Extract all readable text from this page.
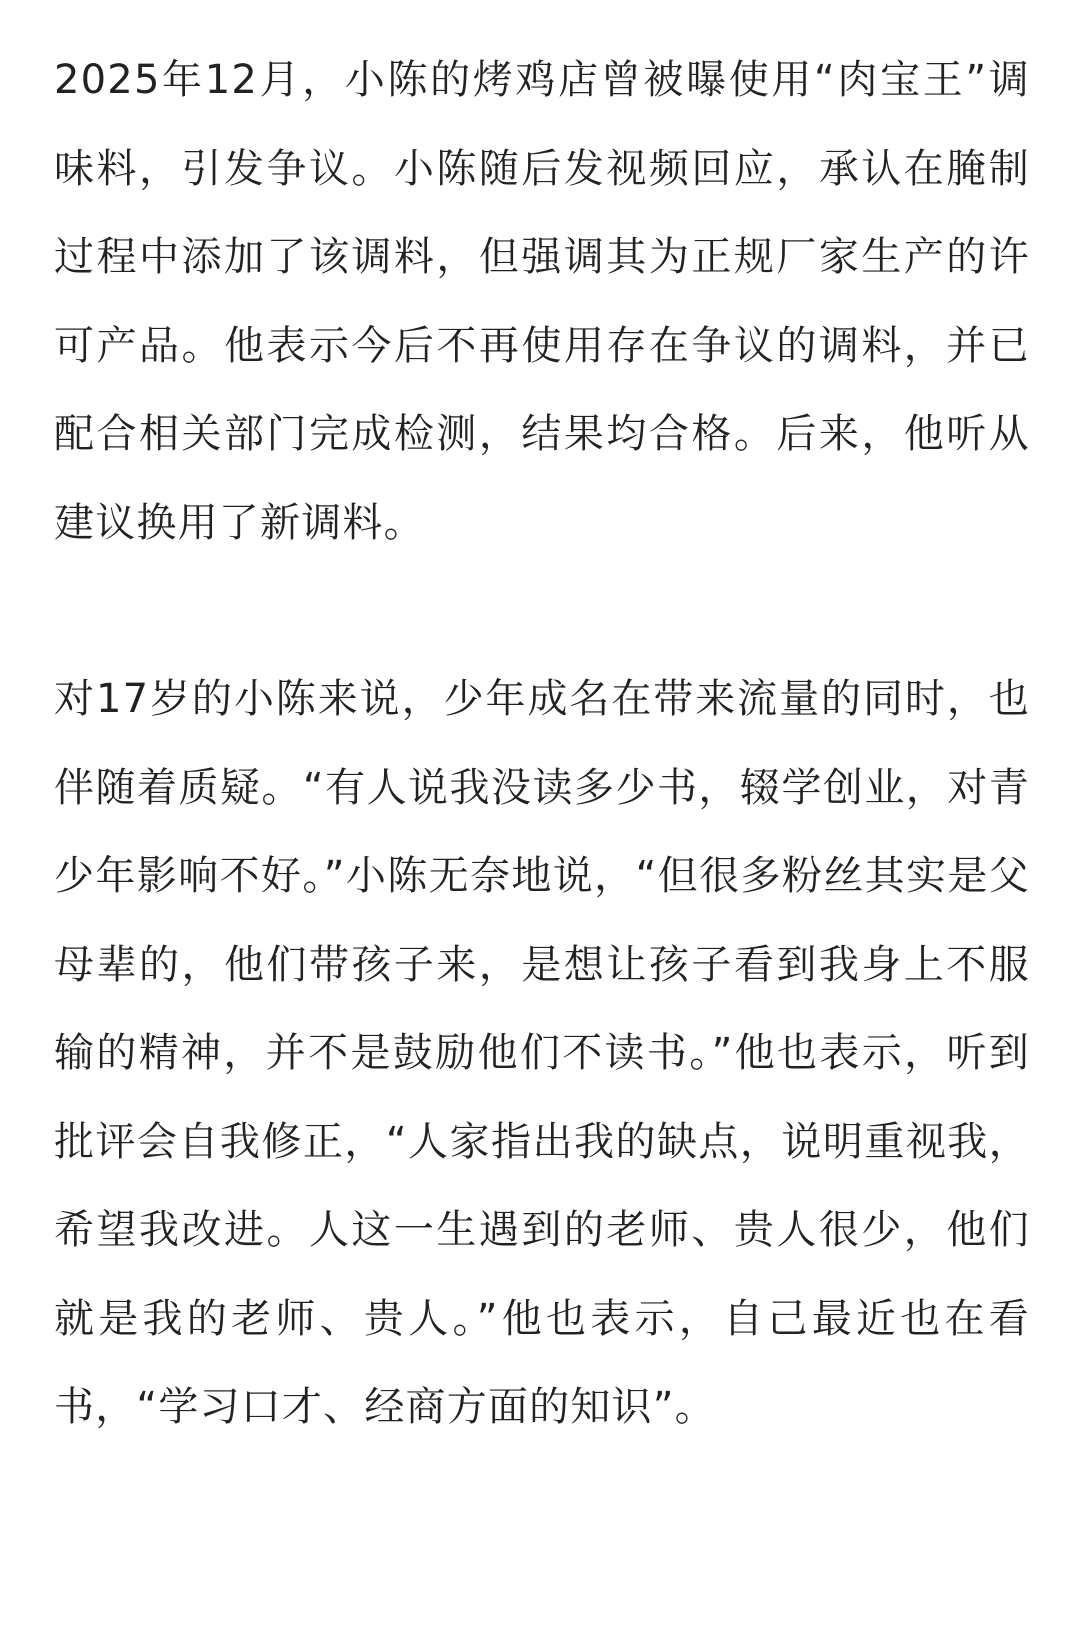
2025年12月，小陈的烤鸡店曾被曝使用“肉宝王”调味料，引发争议。小陈随后发视频回应，承认在腌制过程中添加了该调料，但强调其为正规厂家生产的许可产品。他表示今后不再使用存在争议的调料，并已配合相关部门完成检测，结果均合格。后来，他听从建议换用了新调料。

对17岁的小陈来说，少年成名在带来流量的同时，也伴随着质疑。“有人说我没读多少书，辍学创业，对青少年影响不好。”小陈无奈地说，“但很多粉丝其实是父母辈的，他们带孩子来，是想让孩子看到我身上不服输的精神，并不是鼓励他们不读书。”他也表示，听到批评会自我修正，“人家指出我的缺点，说明重视我，希望我改进。人这一生遇到的老师、贵人很少，他们就是我的老师、贵人。”他也表示，自己最近也在看书，“学习口才、经商方面的知识”。
